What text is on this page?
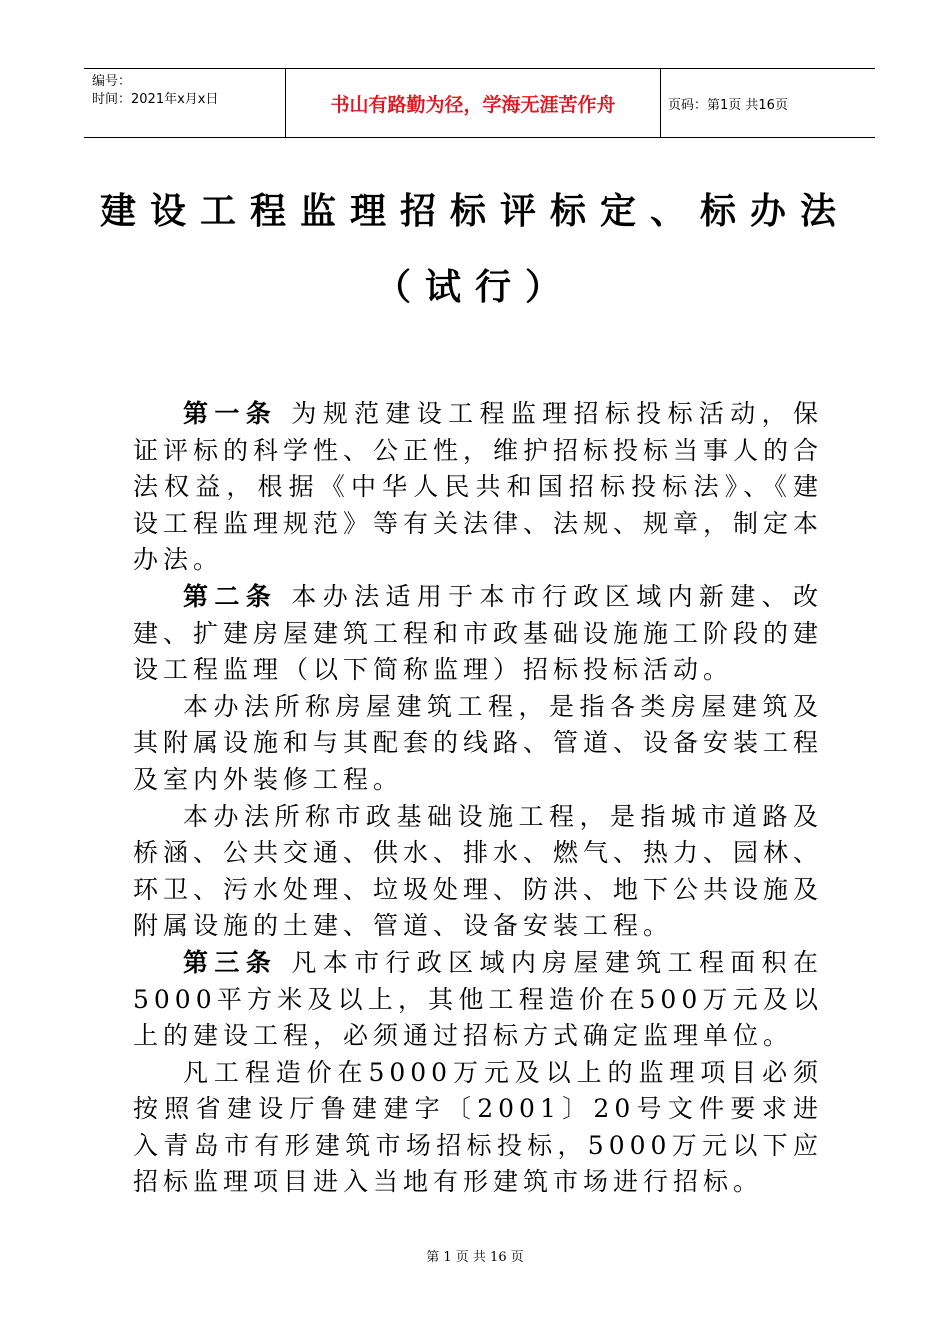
编号：
时间：2021年x月x日	书山有路勤为径，学海无涯苦作舟	页码：第1页 共16页
建设工程监理招标评标定、标办法
（试行）

第一条 为规范建设工程监理招标投标活动，保证评标的科学性、公正性，维护招标投标当事人的合法权益，根据《中华人民共和国招标投标法》、《建设工程监理规范》等有关法律、法规、规章，制定本办法。

第二条 本办法适用于本市行政区域内新建、改建、扩建房屋建筑工程和市政基础设施施工阶段的建设工程监理（以下简称监理）招标投标活动。

本办法所称房屋建筑工程，是指各类房屋建筑及其附属设施和与其配套的线路、管道、设备安装工程及室内外装修工程。

本办法所称市政基础设施工程，是指城市道路及桥涵、公共交通、供水、排水、燃气、热力、园林、环卫、污水处理、垃圾处理、防洪、地下公共设施及附属设施的土建、管道、设备安装工程。

第三条 凡本市行政区域内房屋建筑工程面积在5000平方米及以上，其他工程造价在500万元及以上的建设工程，必须通过招标方式确定监理单位。

凡工程造价在5000万元及以上的监理项目必须按照省建设厅鲁建建字〔2001〕20号文件要求进入青岛市有形建筑市场招标投标，5000万元以下应招标监理项目进入当地有形建筑市场进行招标。

第 1 页 共 16 页
